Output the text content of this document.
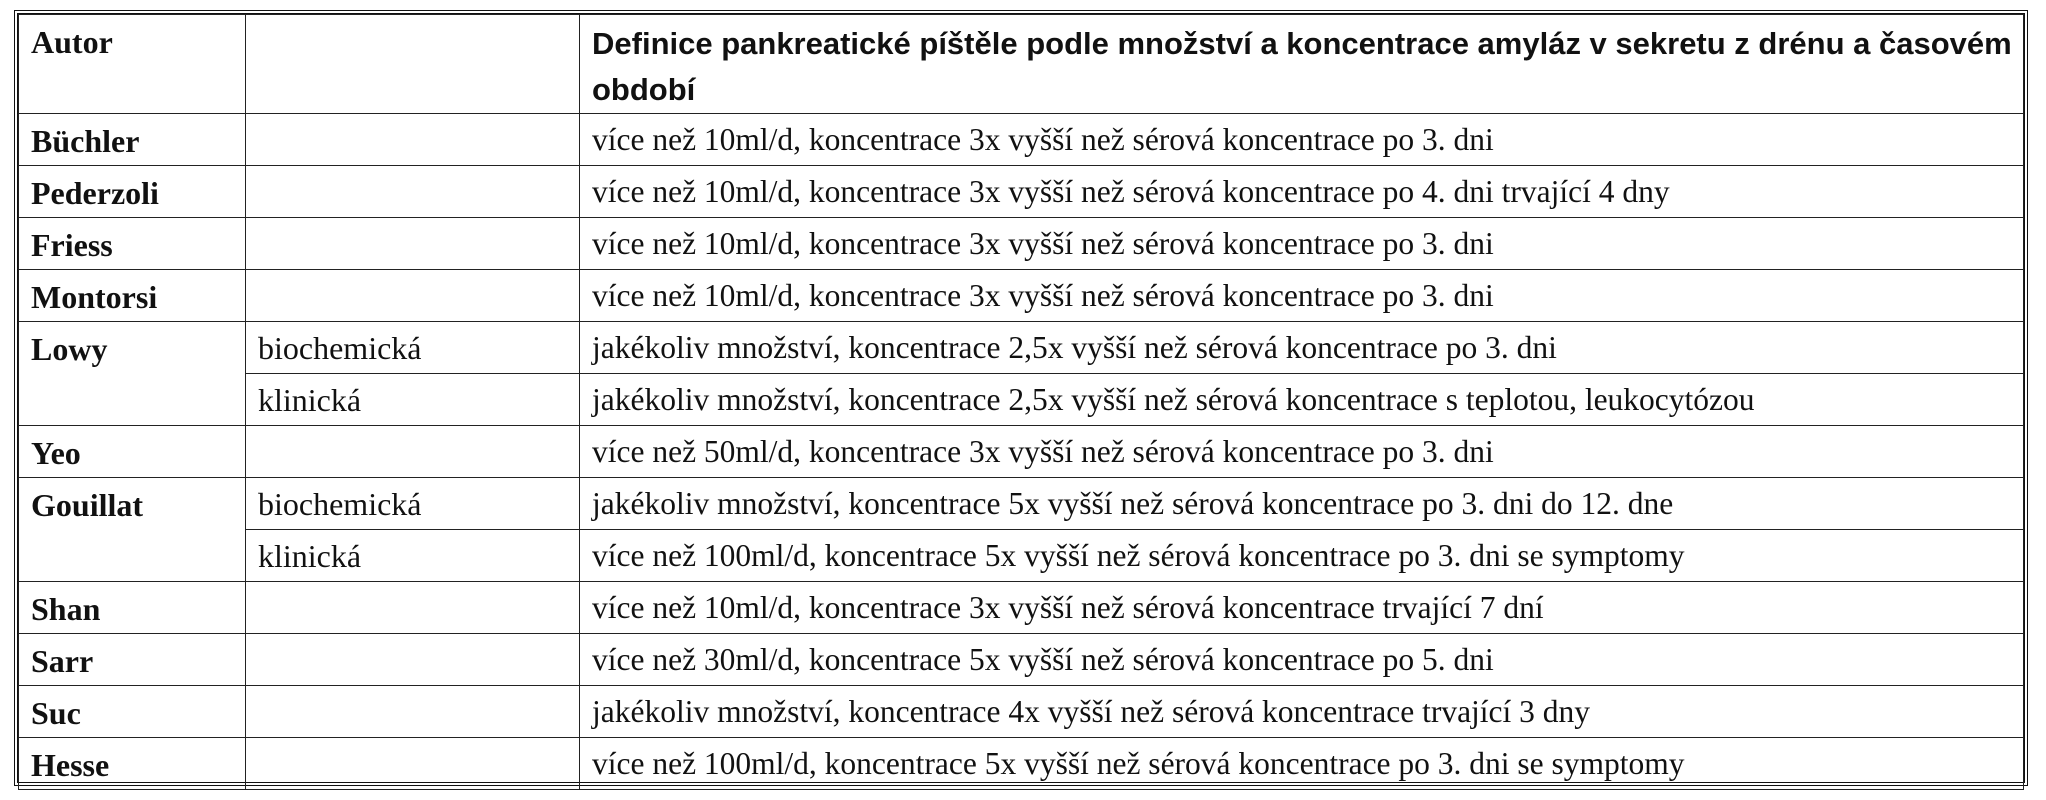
Autor		Definice pankreatické píštěle podle množství a koncentrace amyláz v sekretu z drénu a časovém období
Büchler		více než 10ml/d, koncentrace 3x vyšší než sérová koncentrace po 3. dni
Pederzoli		více než 10ml/d, koncentrace 3x vyšší než sérová koncentrace po 4. dni trvající 4 dny
Friess		více než 10ml/d, koncentrace 3x vyšší než sérová koncentrace po 3. dni
Montorsi		více než 10ml/d, koncentrace 3x vyšší než sérová koncentrace po 3. dni
Lowy	biochemická	jakékoliv množství, koncentrace 2,5x vyšší než sérová koncentrace po 3. dni
	klinická	jakékoliv množství, koncentrace 2,5x vyšší než sérová koncentrace s teplotou, leukocytózou
Yeo		více než 50ml/d, koncentrace 3x vyšší než sérová koncentrace po 3. dni
Gouillat	biochemická	jakékoliv množství, koncentrace 5x vyšší než sérová koncentrace po 3. dni do 12. dne
	klinická	více než 100ml/d, koncentrace 5x vyšší než sérová koncentrace po 3. dni se symptomy
Shan		více než 10ml/d, koncentrace 3x vyšší než sérová koncentrace trvající 7 dní
Sarr		více než 30ml/d, koncentrace 5x vyšší než sérová koncentrace po 5. dni
Suc		jakékoliv množství, koncentrace 4x vyšší než sérová koncentrace trvající 3 dny
Hesse		více než 100ml/d, koncentrace 5x vyšší než sérová koncentrace po 3. dni se symptomy
